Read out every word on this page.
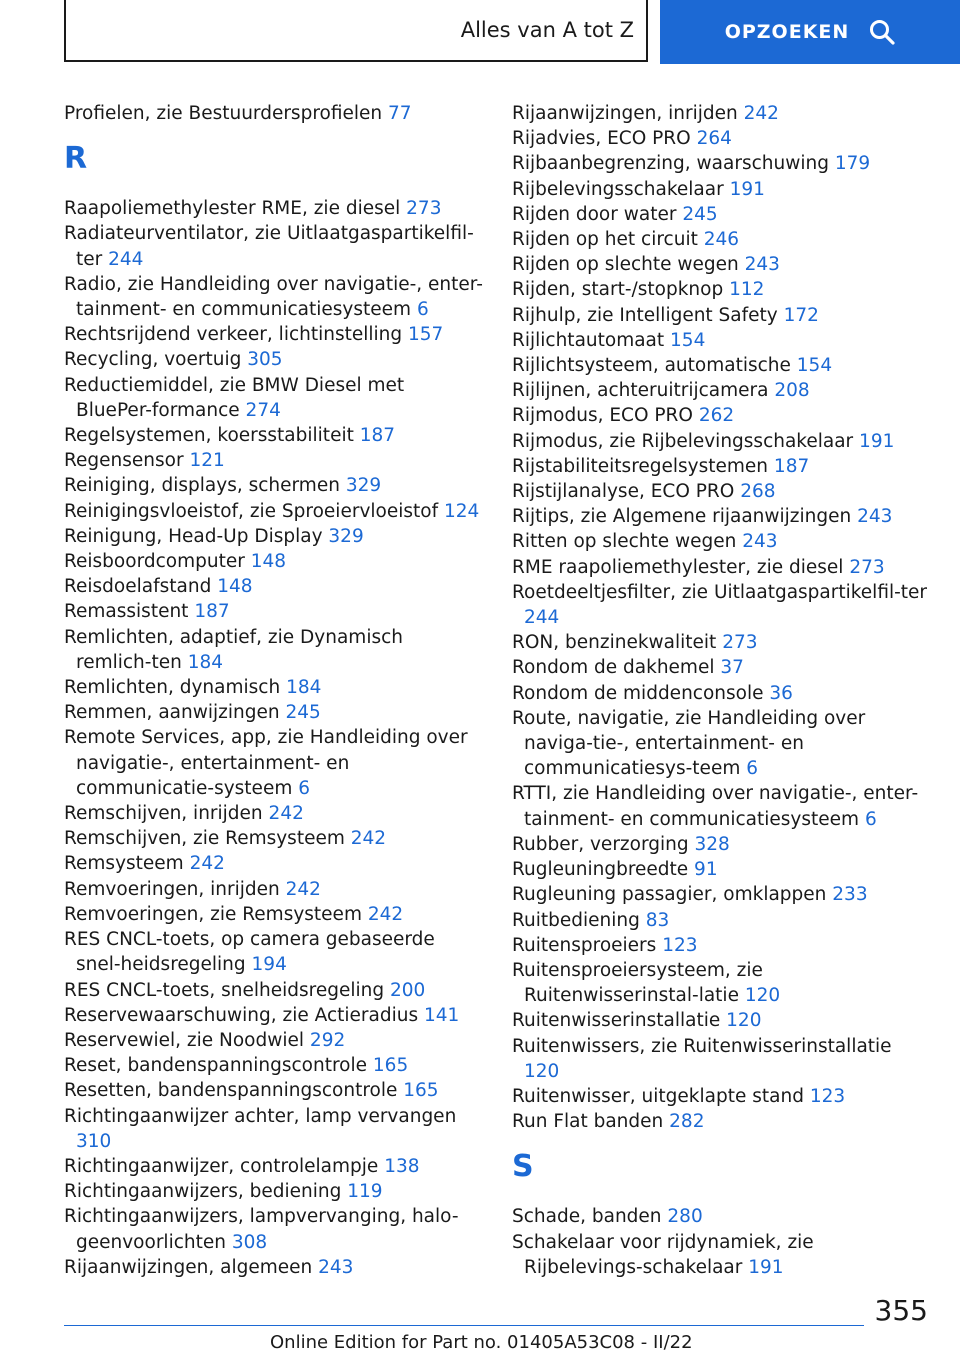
Alles van A tot Z	OPZOEKEN

Profielen, zie Bestuurdersprofielen 77

R

Raapoliemethylester RME, zie diesel 273

Radiateurventilator, zie Uitlaatgaspartikelfil-ter 244

Radio, zie Handleiding over navigatie-, enter-tainment- en communicatiesysteem 6

Rechtsrijdend verkeer, lichtinstelling 157

Recycling, voertuig 305

Reductiemiddel, zie BMW Diesel met BluePer-formance 274

Regelsystemen, koersstabiliteit 187

Regensensor 121

Reiniging, displays, schermen 329

Reinigingsvloeistof, zie Sproeiervloeistof 124

Reinigung, Head-Up Display 329

Reisboordcomputer 148

Reisdoelafstand 148

Remassistent 187

Remlichten, adaptief, zie Dynamisch remlich-ten 184

Remlichten, dynamisch 184

Remmen, aanwijzingen 245

Remote Services, app, zie Handleiding over navigatie-, entertainment- en communicatie-systeem 6

Remschijven, inrijden 242

Remschijven, zie Remsysteem 242

Remsysteem 242

Remvoeringen, inrijden 242

Remvoeringen, zie Remsysteem 242

RES CNCL-toets, op camera gebaseerde snel-heidsregeling 194

RES CNCL-toets, snelheidsregeling 200

Reservewaarschuwing, zie Actieradius 141

Reservewiel, zie Noodwiel 292

Reset, bandenspanningscontrole 165

Resetten, bandenspanningscontrole 165

Richtingaanwijzer achter, lamp vervangen 310

Richtingaanwijzer, controlelampje 138

Richtingaanwijzers, bediening 119

Richtingaanwijzers, lampvervanging, halo-geenvoorlichten 308

Rijaanwijzingen, algemeen 243

Rijaanwijzingen, inrijden 242

Rijadvies, ECO PRO 264

Rijbaanbegrenzing, waarschuwing 179

Rijbelevingsschakelaar 191

Rijden door water 245

Rijden op het circuit 246

Rijden op slechte wegen 243

Rijden, start-/stopknop 112

Rijhulp, zie Intelligent Safety 172

Rijlichtautomaat 154

Rijlichtsysteem, automatische 154

Rijlijnen, achteruitrijcamera 208

Rijmodus, ECO PRO 262

Rijmodus, zie Rijbelevingsschakelaar 191

Rijstabiliteitsregelsystemen 187

Rijstijlanalyse, ECO PRO 268

Rijtips, zie Algemene rijaanwijzingen 243

Ritten op slechte wegen 243

RME raapoliemethylester, zie diesel 273

Roetdeeltjesfilter, zie Uitlaatgaspartikelfil-ter 244

RON, benzinekwaliteit 273

Rondom de dakhemel 37

Rondom de middenconsole 36

Route, navigatie, zie Handleiding over naviga-tie-, entertainment- en communicatiesys-teem 6

RTTI, zie Handleiding over navigatie-, enter-tainment- en communicatiesysteem 6

Rubber, verzorging 328

Rugleuningbreedte 91

Rugleuning passagier, omklappen 233

Ruitbediening 83

Ruitensproeiers 123

Ruitensproeiersysteem, zie Ruitenwisserinstal-latie 120

Ruitenwisserinstallatie 120

Ruitenwissers, zie Ruitenwisserinstallatie 120

Ruitenwisser, uitgeklapte stand 123

Run Flat banden 282

S

Schade, banden 280

Schakelaar voor rijdynamiek, zie Rijbelevings-schakelaar 191

355
Online Edition for Part no. 01405A53C08 - II/22
